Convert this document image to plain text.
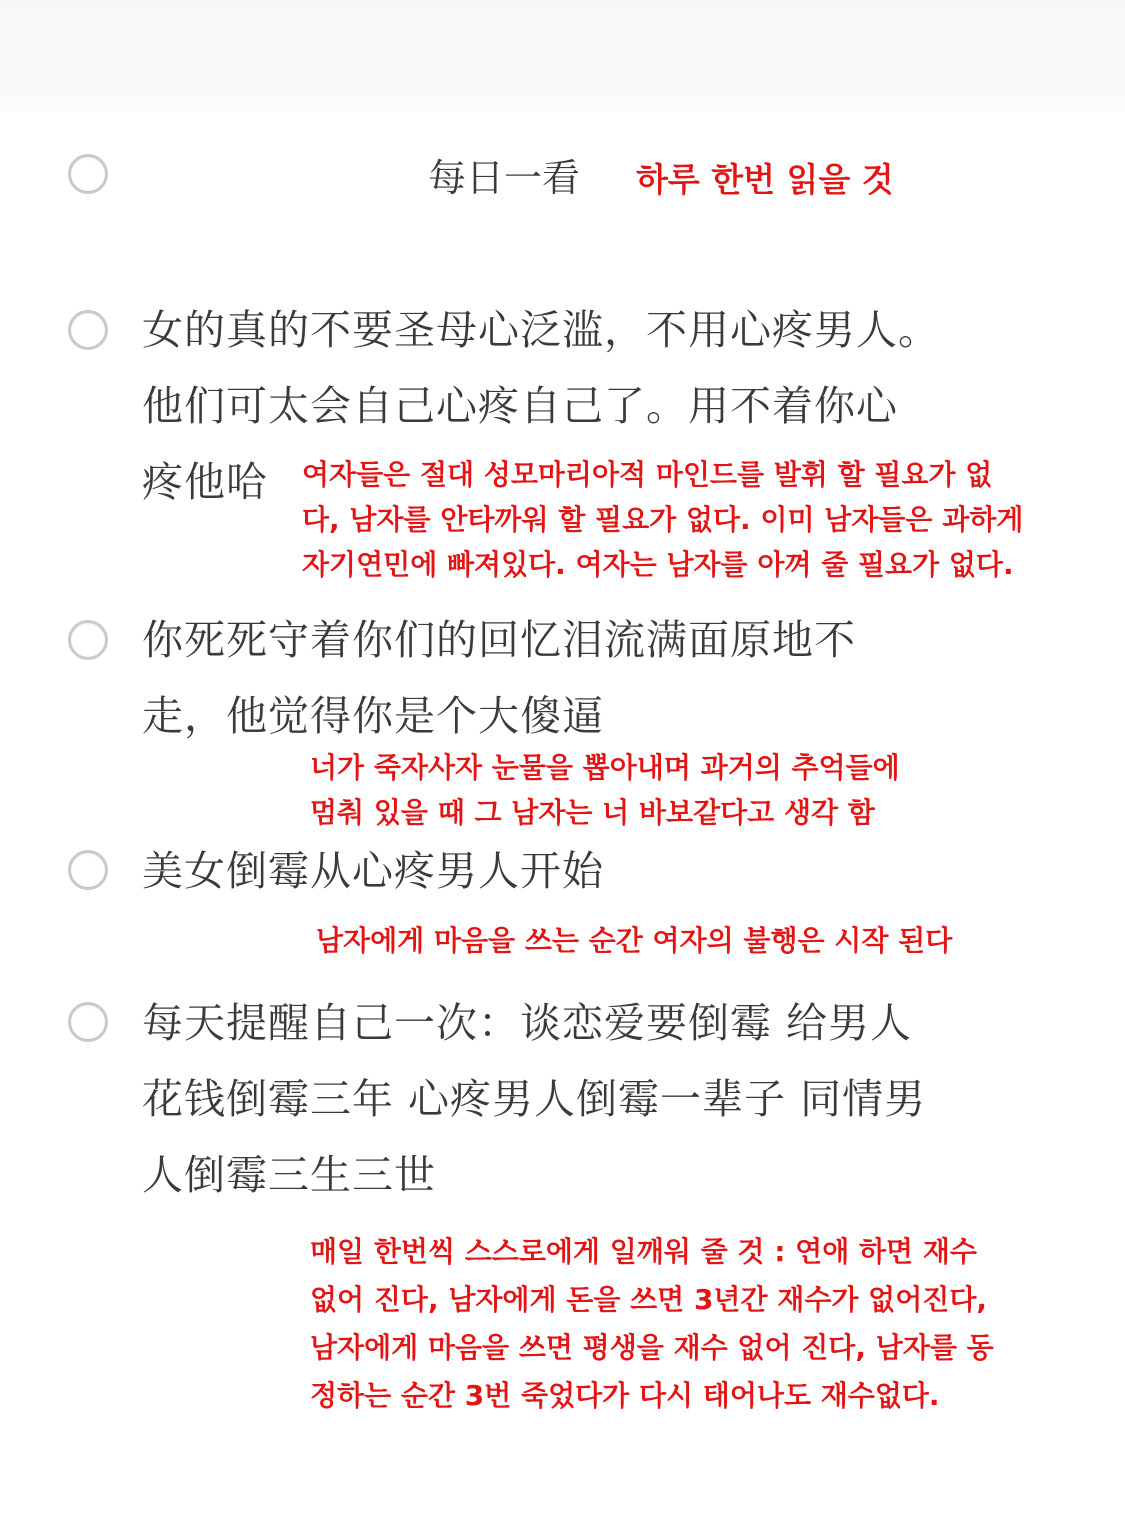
每日一看 하루 한번 읽을 것
女的真的不要圣母心泛滥，不用心疼男人。
他们可太会自己心疼自己了。用不着你心
疼他哈	여자들은 절대 성모마리아적 마인드를 발휘 할 필요가 없
다, 남자를 안타까워 할 필요가 없다. 이미 남자들은 과하게
자기연민에 빠져있다. 여자는 남자를 아껴 줄 필요가 없다.
你死死守着你们的回忆泪流满面原地不
走，他觉得你是个大傻逼
너가 죽자사자 눈물을 뽑아내며 과거의 추억들에
멈춰 있을 때 그 남자는 너 바보같다고 생각 함
美女倒霉从心疼男人开始
남자에게 마음을 쓰는 순간 여자의 불행은 시작 된다
每天提醒自己一次：谈恋爱要倒霉 给男人
花钱倒霉三年 心疼男人倒霉一辈子 同情男
人倒霉三生三世
매일 한번씩 스스로에게 일깨워 줄 것 : 연애 하면 재수
없어 진다, 남자에게 돈을 쓰면 3년간 재수가 없어진다,
남자에게 마음을 쓰면 평생을 재수 없어 진다, 남자를 동
정하는 순간 3번 죽었다가 다시 태어나도 재수없다.
